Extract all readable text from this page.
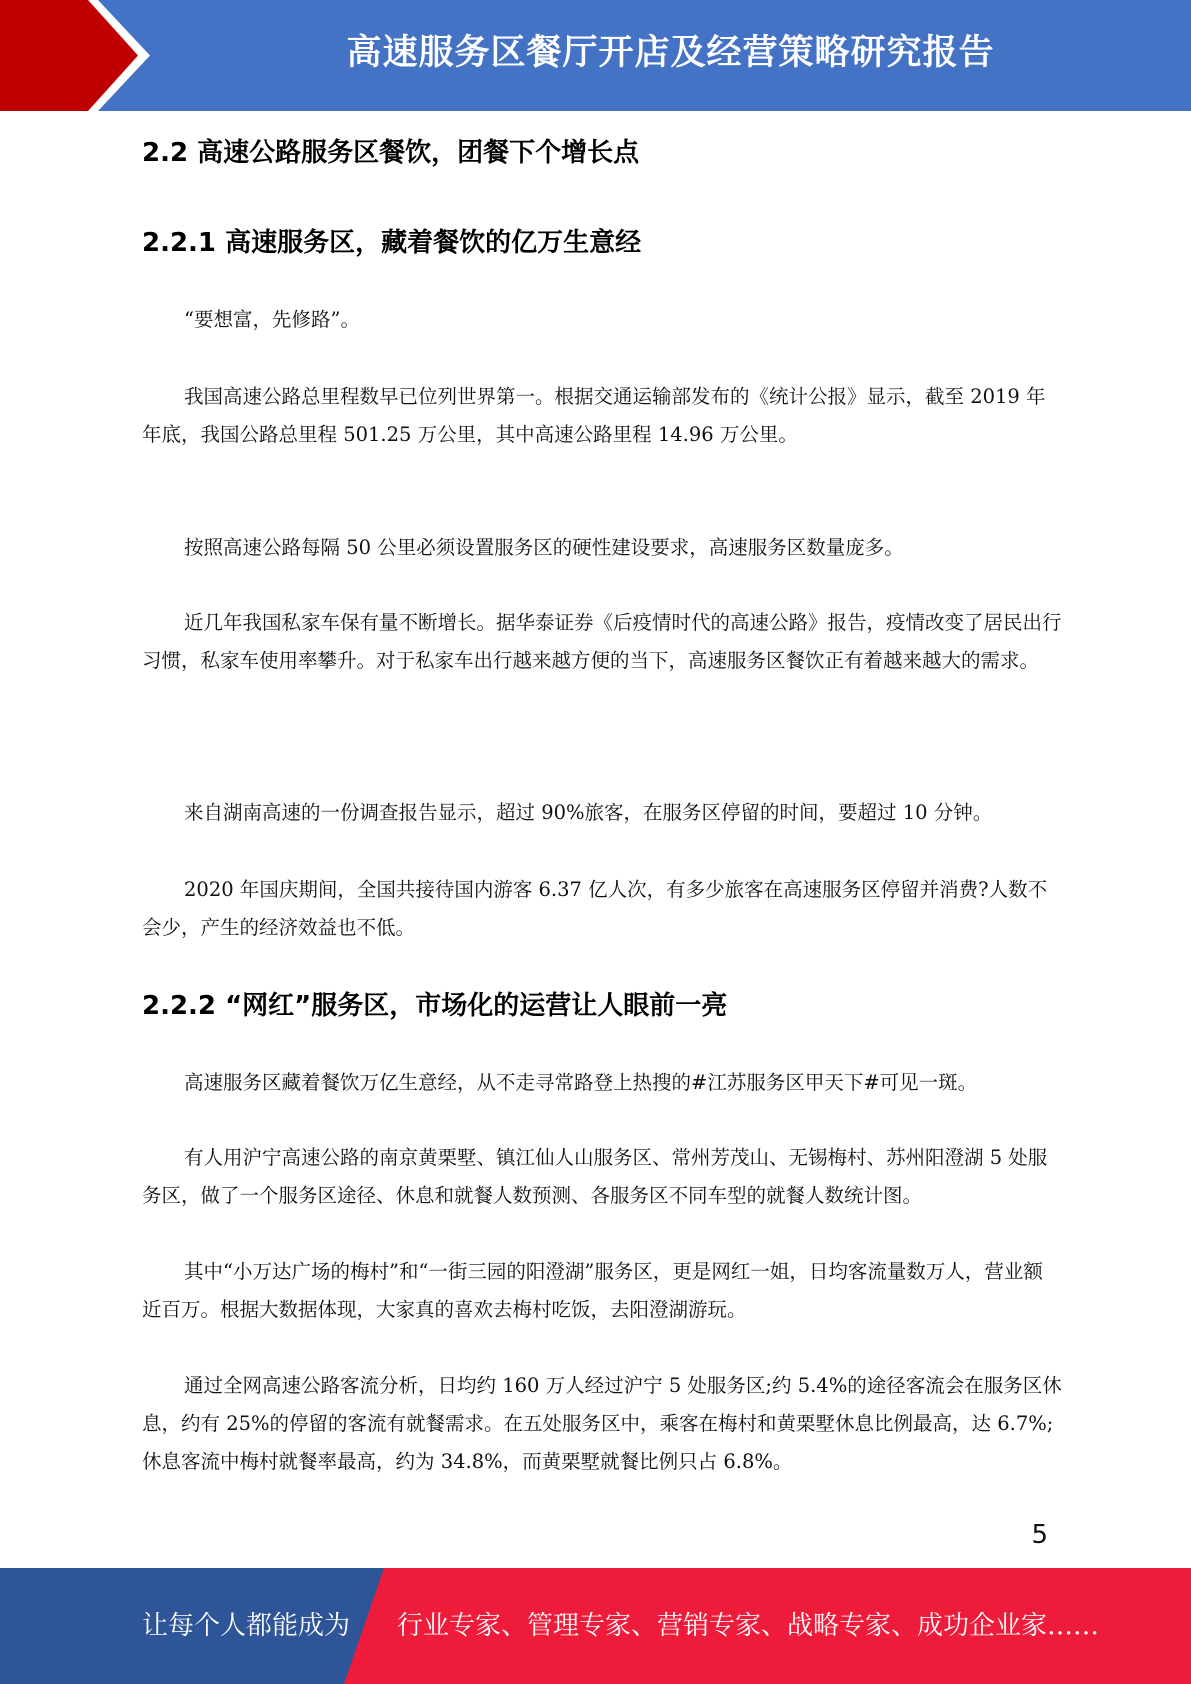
高速服务区餐厅开店及经营策略研究报告
2.2 高速公路服务区餐饮，团餐下个增长点
2.2.1 高速服务区，藏着餐饮的亿万生意经

“要想富，先修路”。

我国高速公路总里程数早已位列世界第一。根据交通运输部发布的《统计公报》显示，截至 2019 年年底，我国公路总里程 501.25 万公里，其中高速公路里程 14.96 万公里。

按照高速公路每隔 50 公里必须设置服务区的硬性建设要求，高速服务区数量庞多。

近几年我国私家车保有量不断增长。据华泰证券《后疫情时代的高速公路》报告，疫情改变了居民出行习惯，私家车使用率攀升。对于私家车出行越来越方便的当下，高速服务区餐饮正有着越来越大的需求。

来自湖南高速的一份调查报告显示，超过 90%旅客，在服务区停留的时间，要超过 10 分钟。

2020 年国庆期间，全国共接待国内游客 6.37 亿人次，有多少旅客在高速服务区停留并消费?人数不会少，产生的经济效益也不低。

2.2.2 “网红”服务区，市场化的运营让人眼前一亮

高速服务区藏着餐饮万亿生意经，从不走寻常路登上热搜的#江苏服务区甲天下#可见一斑。

有人用沪宁高速公路的南京黄栗墅、镇江仙人山服务区、常州芳茂山、无锡梅村、苏州阳澄湖 5 处服务区，做了一个服务区途径、休息和就餐人数预测、各服务区不同车型的就餐人数统计图。

其中“小万达广场的梅村”和“一街三园的阳澄湖”服务区，更是网红一姐，日均客流量数万人，营业额近百万。根据大数据体现，大家真的喜欢去梅村吃饭，去阳澄湖游玩。

通过全网高速公路客流分析，日均约 160 万人经过沪宁 5 处服务区;约 5.4%的途径客流会在服务区休息，约有 25%的停留的客流有就餐需求。在五处服务区中，乘客在梅村和黄栗墅休息比例最高，达 6.7%;休息客流中梅村就餐率最高，约为 34.8%，而黄栗墅就餐比例只占 6.8%。

5
让每个人都能成为 行业专家、管理专家、营销专家、战略专家、成功企业家……
